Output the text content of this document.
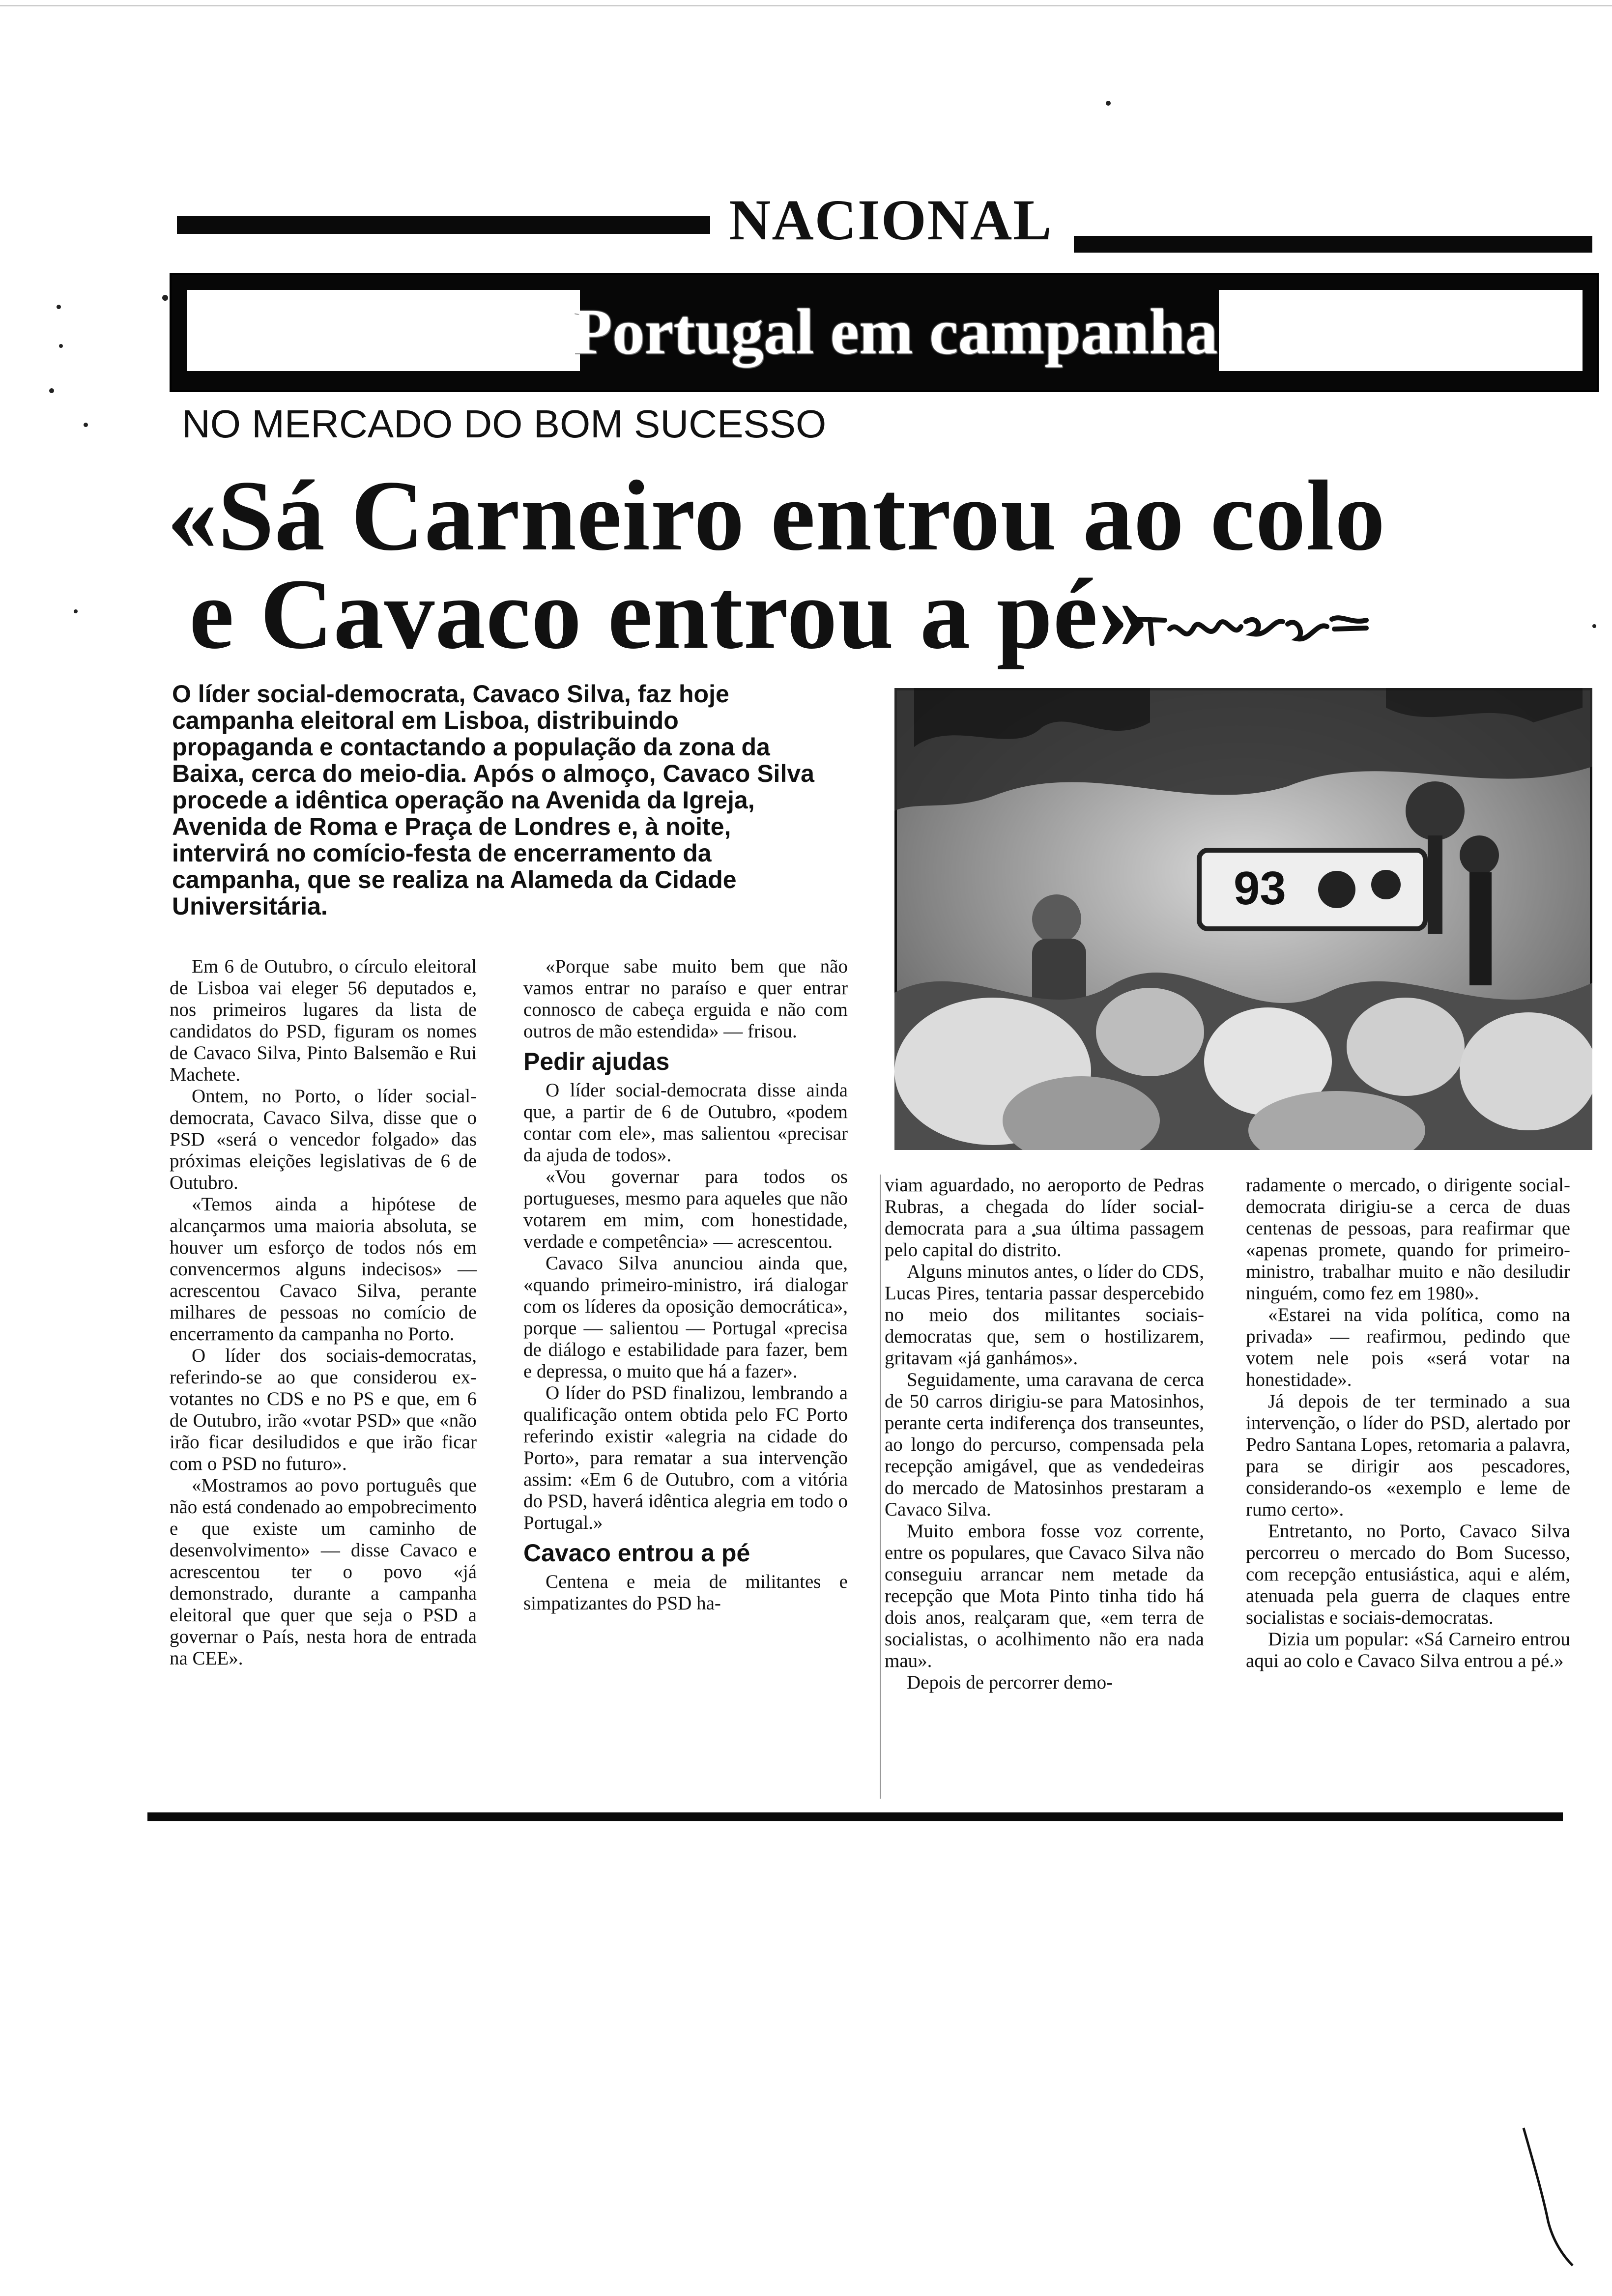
NACIONAL
Portugal em campanha
NO MERCADO DO BOM SUCESSO
«Sá Carneiro entrou ao colo
e Cavaco entrou a pé»
O líder social-democrata, Cavaco Silva, faz hoje campanha eleitoral em Lisboa, distribuindo propaganda e contactando a população da zona da Baixa, cerca do meio-dia. Após o almoço, Cavaco Silva procede a idêntica operação na Avenida da Igreja, Avenida de Roma e Praça de Londres e, à noite, intervirá no comício-festa de encerramento da campanha, que se realiza na Alameda da Cidade Universitária.	93

Em 6 de Outubro, o círculo eleitoral de Lisboa vai eleger 56 deputados e, nos primeiros lugares da lista de candidatos do PSD, figuram os nomes de Cavaco Silva, Pinto Balsemão e Rui Machete.

Ontem, no Porto, o líder social-democrata, Cavaco Silva, disse que o PSD «será o vencedor folgado» das próximas eleições legislativas de 6 de Outubro.

«Temos ainda a hipótese de alcançarmos uma maioria absoluta, se houver um esforço de todos nós em convencermos alguns indecisos» — acrescentou Cavaco Silva, perante milhares de pessoas no comício de encerramento da campanha no Porto.

O líder dos sociais-democratas, referindo-se ao que considerou ex-votantes no CDS e no PS e que, em 6 de Outubro, irão «votar PSD» que «não irão ficar desiludidos e que irão ficar com o PSD no futuro».

«Mostramos ao povo português que não está condenado ao empobrecimento e que existe um caminho de desenvolvimento» — disse Cavaco e acrescentou ter o povo «já demonstrado, durante a campanha eleitoral que quer que seja o PSD a governar o País, nesta hora de entrada na CEE».

«Porque sabe muito bem que não vamos entrar no paraíso e quer entrar connosco de cabeça erguida e não com outros de mão estendida» — frisou.

Pedir ajudas

O líder social-democrata disse ainda que, a partir de 6 de Outubro, «podem contar com ele», mas salientou «precisar da ajuda de todos».

«Vou governar para todos os portugueses, mesmo para aqueles que não votarem em mim, com honestidade, verdade e competência» — acrescentou.

Cavaco Silva anunciou ainda que, «quando primeiro-ministro, irá dialogar com os líderes da oposição democrática», porque — salientou — Portugal «precisa de diálogo e estabilidade para fazer, bem e depressa, o muito que há a fazer».

O líder do PSD finalizou, lembrando a qualificação ontem obtida pelo FC Porto referindo existir «alegria na cidade do Porto», para rematar a sua intervenção assim: «Em 6 de Outubro, com a vitória do PSD, haverá idêntica alegria em todo o Portugal.»

Cavaco entrou a pé

Centena e meia de militantes e simpatizantes do PSD ha-

viam aguardado, no aeroporto de Pedras Rubras, a chegada do líder social-democrata para a sua última passagem pelo capital do distrito.

Alguns minutos antes, o líder do CDS, Lucas Pires, tentaria passar despercebido no meio dos militantes sociais-democratas que, sem o hostilizarem, gritavam «já ganhámos».

Seguidamente, uma caravana de cerca de 50 carros dirigiu-se para Matosinhos, perante certa indiferença dos transeuntes, ao longo do percurso, compensada pela recepção amigável, que as vendedeiras do mercado de Matosinhos prestaram a Cavaco Silva.

Muito embora fosse voz corrente, entre os populares, que Cavaco Silva não conseguiu arrancar nem metade da recepção que Mota Pinto tinha tido há dois anos, realçaram que, «em terra de socialistas, o acolhimento não era nada mau».

Depois de percorrer demo-

radamente o mercado, o dirigente social-democrata dirigiu-se a cerca de duas centenas de pessoas, para reafirmar que «apenas promete, quando for primeiro-ministro, trabalhar muito e não desiludir ninguém, como fez em 1980».

«Estarei na vida política, como na privada» — reafirmou, pedindo que votem nele pois «será votar na honestidade».

Já depois de ter terminado a sua intervenção, o líder do PSD, alertado por Pedro Santana Lopes, retomaria a palavra, para se dirigir aos pescadores, considerando-os «exemplo e leme de rumo certo».

Entretanto, no Porto, Cavaco Silva percorreu o mercado do Bom Sucesso, com recepção entusiástica, aqui e além, atenuada pela guerra de claques entre socialistas e sociais-democratas.

Dizia um popular: «Sá Carneiro entrou aqui ao colo e Cavaco Silva entrou a pé.»
